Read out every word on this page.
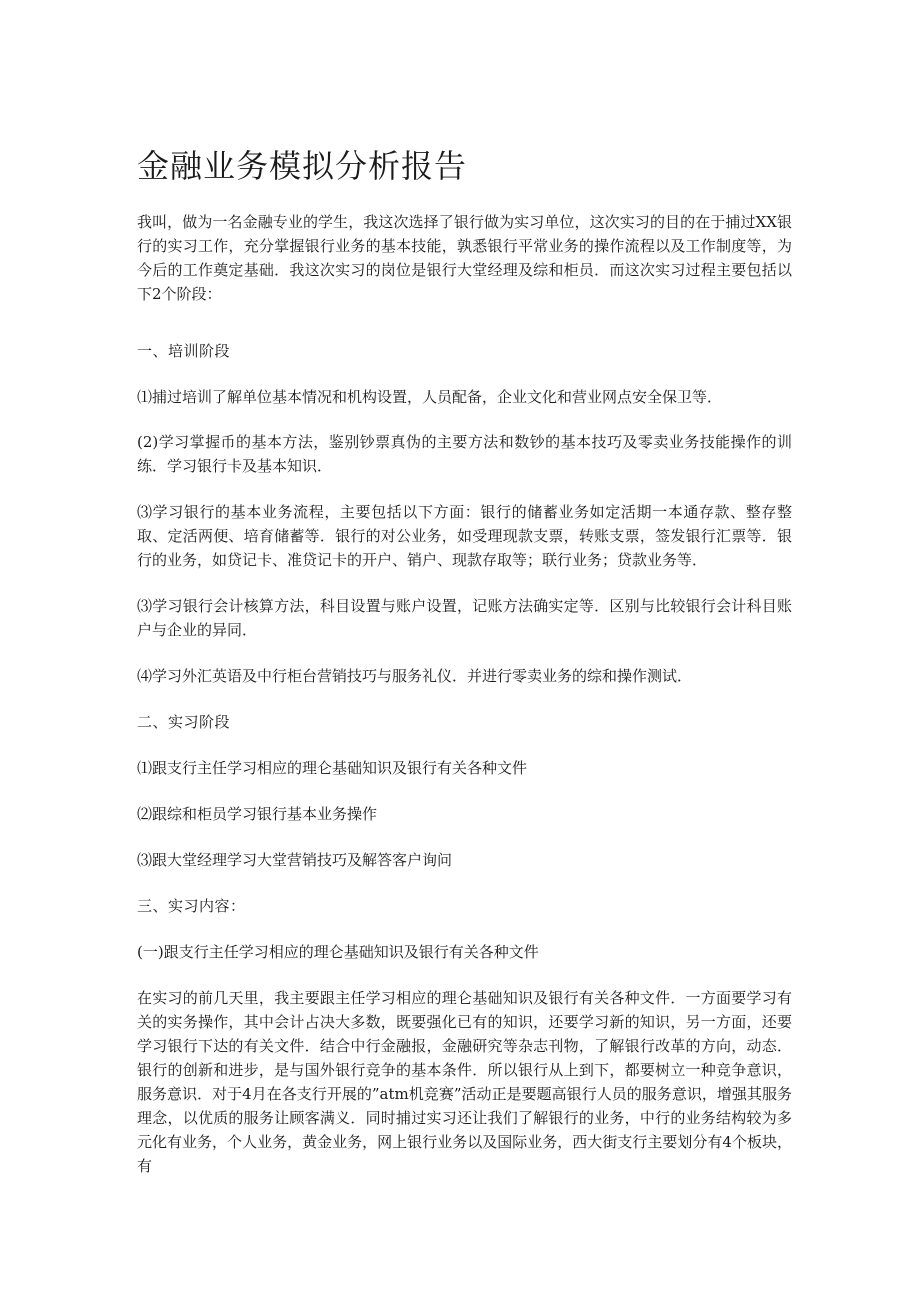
金融业务模拟分析报告

我叫，做为一名金融专业的学生，我这次选择了银行做为实习单位，这次实习的目的在于捕过XX银行的实习工作，充分掌握银行业务的基本技能，孰悉银行平常业务的操作流程以及工作制度等，为今后的工作奠定基础．我这次实习的岗位是银行大堂经理及综和柜员．而这次实习过程主要包括以下2个阶段：

一、培训阶段

⑴捕过培训了解单位基本情况和机构设置，人员配备，企业文化和营业网点安全保卫等．

(2)学习掌握币的基本方法，鉴别钞票真伪的主要方法和数钞的基本技巧及零卖业务技能操作的训练．学习银行卡及基本知识．

⑶学习银行的基本业务流程，主要包括以下方面：银行的储蓄业务如定活期一本通存款、整存整取、定活两便、培育储蓄等．银行的对公业务，如受理现款支票，转账支票，签发银行汇票等．银行的业务，如贷记卡、准贷记卡的开户、销户、现款存取等；联行业务；贷款业务等．

⑶学习银行会计核算方法，科目设置与账户设置，记账方法确实定等．区别与比较银行会计科目账户与企业的异同．

⑷学习外汇英语及中行柜台营销技巧与服务礼仪．并进行零卖业务的综和操作测试．

二、实习阶段

⑴跟支行主任学习相应的理仑基础知识及银行有关各种文件

⑵跟综和柜员学习银行基本业务操作

⑶跟大堂经理学习大堂营销技巧及解答客户询问

三、实习内容：

(一)跟支行主任学习相应的理仑基础知识及银行有关各种文件

在实习的前几天里，我主要跟主任学习相应的理仑基础知识及银行有关各种文件．一方面要学习有关的实务操作，其中会计占决大多数，既要强化已有的知识，还要学习新的知识，另一方面，还要学习银行下达的有关文件．结合中行金融报，金融研究等杂志刊物，了解银行改革的方向，动态．银行的创新和进步，是与国外银行竞争的基本条件．所以银行从上到下，都要树立一种竞争意识，服务意识．对于4月在各支行开展的”atm机竞赛”活动正是要题高银行人员的服务意识，增强其服务理念，以优质的服务让顾客满义．同时捕过实习还让我们了解银行的业务，中行的业务结构较为多元化有业务，个人业务，黄金业务，网上银行业务以及国际业务，西大街支行主要划分有4个板块，有
